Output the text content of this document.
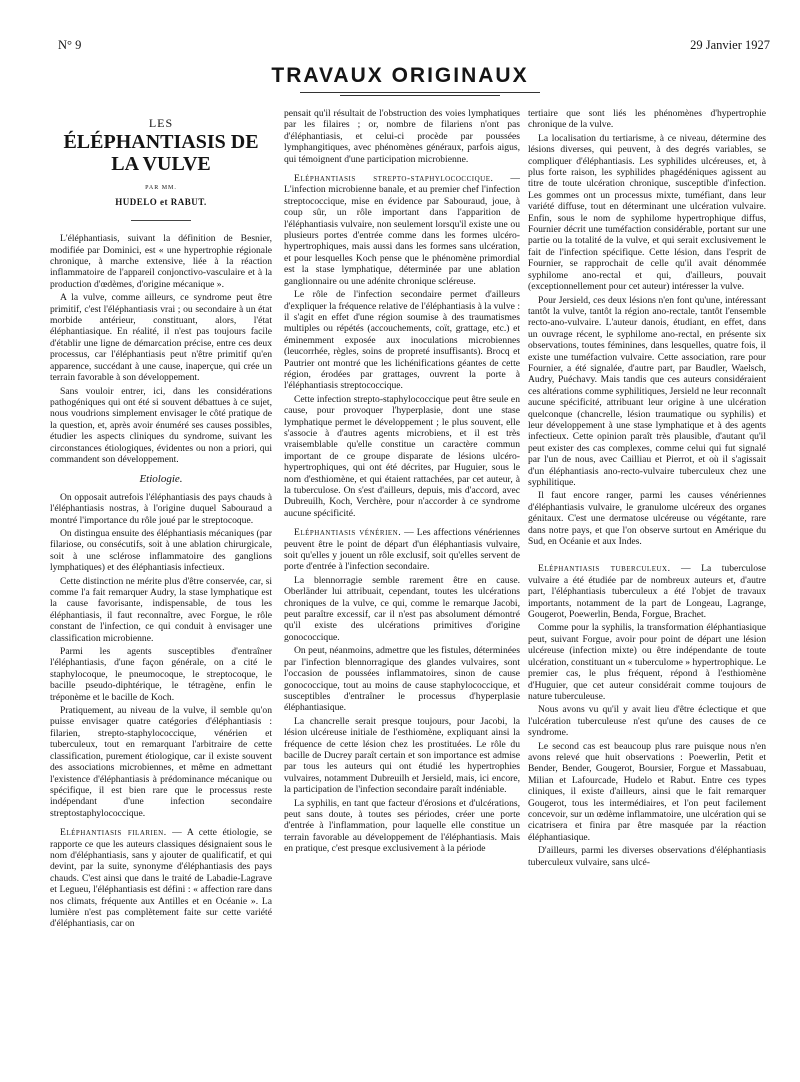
N° 9	29 Janvier 1927
TRAVAUX ORIGINAUX
LES
ÉLÉPHANTIASIS DE LA VULVE
PAR MM.
HUDELO et RABUT.

L'éléphantiasis, suivant la définition de Besnier, modifiée par Dominici, est « une hypertrophie régionale chronique, à marche extensive, liée à la réaction inflammatoire de l'appareil conjonctivo-vasculaire et à la production d'œdèmes, d'origine mécanique ».

A la vulve, comme ailleurs, ce syndrome peut être primitif, c'est l'éléphantiasis vrai ; ou secondaire à un état morbide antérieur, constituant, alors, l'état éléphantiasique. En réalité, il n'est pas toujours facile d'établir une ligne de démarcation précise, entre ces deux processus, car l'éléphantiasis peut n'être primitif qu'en apparence, succédant à une cause, inaperçue, qui crée un terrain favorable à son développement.

Sans vouloir entrer, ici, dans les considérations pathogéniques qui ont été si souvent débattues à ce sujet, nous voudrions simplement envisager le côté pratique de la question, et, après avoir énuméré ses causes possibles, étudier les aspects cliniques du syndrome, suivant les circonstances étiologiques, évidentes ou non a priori, qui commandent son développement.

Etiologie.

On opposait autrefois l'éléphantiasis des pays chauds à l'éléphantiasis nostras, à l'origine duquel Sabouraud a montré l'importance du rôle joué par le streptocoque.

On distingua ensuite des éléphantiasis mécaniques (par filariose, ou consécutifs, soit à une ablation chirurgicale, soit à une sclérose inflammatoire des ganglions lymphatiques) et des éléphantiasis infectieux.

Cette distinction ne mérite plus d'être conservée, car, si comme l'a fait remarquer Audry, la stase lymphatique est la cause favorisante, indispensable, de tous les éléphantiasis, il faut reconnaître, avec Forgue, le rôle constant de l'infection, ce qui conduit à envisager une classification microbienne.

Parmi les agents susceptibles d'entraîner l'éléphantiasis, d'une façon générale, on a cité le staphylocoque, le pneumocoque, le streptocoque, le bacille pseudo-diphtérique, le tétragène, enfin le tréponème et le bacille de Koch.

Pratiquement, au niveau de la vulve, il semble qu'on puisse envisager quatre catégories d'éléphantiasis : filarien, strepto-staphylococcique, vénérien et tuberculeux, tout en remarquant l'arbitraire de cette classification, purement étiologique, car il existe souvent des associations microbiennes, et même en admettant l'existence d'éléphantiasis à prédominance mécanique ou spécifique, il est bien rare que le processus reste indépendant d'une infection secondaire streptostaphylococcique.

Eléphantiasis filarien. — A cette étiologie, se rapporte ce que les auteurs classiques désignaient sous le nom d'éléphantiasis, sans y ajouter de qualificatif, et qui devint, par la suite, synonyme d'éléphantiasis des pays chauds. C'est ainsi que dans le traité de Labadie-Lagrave et Legueu, l'éléphantiasis est défini : « affection rare dans nos climats, fréquente aux Antilles et en Océanie ». La lumière n'est pas complètement faite sur cette variété d'éléphantiasis, car on

pensait qu'il résultait de l'obstruction des voies lymphatiques par les filaires ; or, nombre de filariens n'ont pas d'éléphantiasis, et celui-ci procède par poussées lymphangitiques, avec phénomènes généraux, parfois aigus, qui témoignent d'une participation microbienne.

Eléphantiasis strepto-staphylococcique. — L'infection microbienne banale, et au premier chef l'infection streptococcique, mise en évidence par Sabouraud, joue, à coup sûr, un rôle important dans l'apparition de l'éléphantiasis vulvaire, non seulement lorsqu'il existe une ou plusieurs portes d'entrée comme dans les formes ulcéro-hypertrophiques, mais aussi dans les formes sans ulcération, et pour lesquelles Koch pense que le phénomène primordial est la stase lymphatique, déterminée par une ablation ganglionnaire ou une adénite chronique scléreuse.

Le rôle de l'infection secondaire permet d'ailleurs d'expliquer la fréquence relative de l'éléphantiasis à la vulve : il s'agit en effet d'une région soumise à des traumatismes multiples ou répétés (accouchements, coït, grattage, etc.) et éminemment exposée aux inoculations microbiennes (leucorrhée, règles, soins de propreté insuffisants). Brocq et Pautrier ont montré que les lichénifications géantes de cette région, érodées par grattages, ouvrent la porte à l'éléphantiasis streptococcique.

Cette infection strepto-staphylococcique peut être seule en cause, pour provoquer l'hyperplasie, dont une stase lymphatique permet le développement ; le plus souvent, elle s'associe à d'autres agents microbiens, et il est très vraisemblable qu'elle constitue un caractère commun important de ce groupe disparate de lésions ulcéro-hypertrophiques, qui ont été décrites, par Huguier, sous le nom d'esthiomène, et qui étaient rattachées, par cet auteur, à la tuberculose. On s'est d'ailleurs, depuis, mis d'accord, avec Dubreuilh, Koch, Verchère, pour n'accorder à ce syndrome aucune spécificité.

Eléphantiasis vénérien. — Les affections vénériennes peuvent être le point de départ d'un éléphantiasis vulvaire, soit qu'elles y jouent un rôle exclusif, soit qu'elles servent de porte d'entrée à l'infection secondaire.

La blennorragie semble rarement être en cause. Oberländer lui attribuait, cependant, toutes les ulcérations chroniques de la vulve, ce qui, comme le remarque Jacobi, peut paraître excessif, car il n'est pas absolument démontré qu'il existe des ulcérations primitives d'origine gonococcique.

On peut, néanmoins, admettre que les fistules, déterminées par l'infection blennorragique des glandes vulvaires, sont l'occasion de poussées inflammatoires, sinon de cause gonococcique, tout au moins de cause staphylococcique, et susceptibles d'entraîner le processus d'hyperplasie éléphantiasique.

La chancrelle serait presque toujours, pour Jacobi, la lésion ulcéreuse initiale de l'esthiomène, expliquant ainsi la fréquence de cette lésion chez les prostituées. Le rôle du bacille de Ducrey paraît certain et son importance est admise par tous les auteurs qui ont étudié les hypertrophies vulvaires, notamment Dubreuilh et Jersield, mais, ici encore, la participation de l'infection secondaire paraît indéniable.

La syphilis, en tant que facteur d'érosions et d'ulcérations, peut sans doute, à toutes ses périodes, créer une porte d'entrée à l'inflammation, pour laquelle elle constitue un terrain favorable au développement de l'éléphantiasis. Mais en pratique, c'est presque exclusivement à la période

tertiaire que sont liés les phénomènes d'hypertrophie chronique de la vulve.

La localisation du tertiarisme, à ce niveau, détermine des lésions diverses, qui peuvent, à des degrés variables, se compliquer d'éléphantiasis. Les syphilides ulcéreuses, et, à plus forte raison, les syphilides phagédéniques agissent au titre de toute ulcération chronique, susceptible d'infection. Les gommes ont un processus mixte, tuméfiant, dans leur variété diffuse, tout en déterminant une ulcération vulvaire. Enfin, sous le nom de syphilome hypertrophique diffus, Fournier décrit une tuméfaction considérable, portant sur une partie ou la totalité de la vulve, et qui serait exclusivement le fait de l'infection spécifique. Cette lésion, dans l'esprit de Fournier, se rapprochait de celle qu'il avait dénommée syphilome ano-rectal et qui, d'ailleurs, pouvait (exceptionnellement pour cet auteur) intéresser la vulve.

Pour Jersield, ces deux lésions n'en font qu'une, intéressant tantôt la vulve, tantôt la région ano-rectale, tantôt l'ensemble recto-ano-vulvaire. L'auteur danois, étudiant, en effet, dans un ouvrage récent, le syphilome ano-rectal, en présente six observations, toutes féminines, dans lesquelles, quatre fois, il existe une tuméfaction vulvaire. Cette association, rare pour Fournier, a été signalée, d'autre part, par Baudler, Waelsch, Audry, Puéchavy. Mais tandis que ces auteurs considéraient ces altérations comme syphilitiques, Jersield ne leur reconnaît aucune spécificité, attribuant leur origine à une ulcération quelconque (chancrelle, lésion traumatique ou syphilis) et leur développement à une stase lymphatique et à des agents infectieux. Cette opinion paraît très plausible, d'autant qu'il peut exister des cas complexes, comme celui qui fut signalé par l'un de nous, avec Cailliau et Pierrot, et où il s'agissait d'un éléphantiasis ano-recto-vulvaire tuberculeux chez une syphilitique.

Il faut encore ranger, parmi les causes vénériennes d'éléphantiasis vulvaire, le granulome ulcéreux des organes génitaux. C'est une dermatose ulcéreuse ou végétante, rare dans notre pays, et que l'on observe surtout en Amérique du Sud, en Océanie et aux Indes.

Eléphantiasis tuberculeux. — La tuberculose vulvaire a été étudiée par de nombreux auteurs et, d'autre part, l'éléphantiasis tuberculeux a été l'objet de travaux importants, notamment de la part de Longeau, Lagrange, Gougerot, Poewerlin, Benda, Forgue, Brachet.

Comme pour la syphilis, la transformation éléphantiasique peut, suivant Forgue, avoir pour point de départ une lésion ulcéreuse (infection mixte) ou être indépendante de toute ulcération, constituant un « tuberculome » hypertrophique. Le premier cas, le plus fréquent, répond à l'esthiomène d'Huguier, que cet auteur considérait comme toujours de nature tuberculeuse.

Nous avons vu qu'il y avait lieu d'être éclectique et que l'ulcération tuberculeuse n'est qu'une des causes de ce syndrome.

Le second cas est beaucoup plus rare puisque nous n'en avons relevé que huit observations : Poewerlin, Petit et Bender, Bender, Gougerot, Boursier, Forgue et Massabuau, Milian et Lafourcade, Hudelo et Rabut. Entre ces types cliniques, il existe d'ailleurs, ainsi que le fait remarquer Gougerot, tous les intermédiaires, et l'on peut facilement concevoir, sur un œdème inflammatoire, une ulcération qui se cicatrisera et finira par être masquée par la réaction éléphantiasique.

D'ailleurs, parmi les diverses observations d'éléphantiasis tuberculeux vulvaire, sans ulcé-
